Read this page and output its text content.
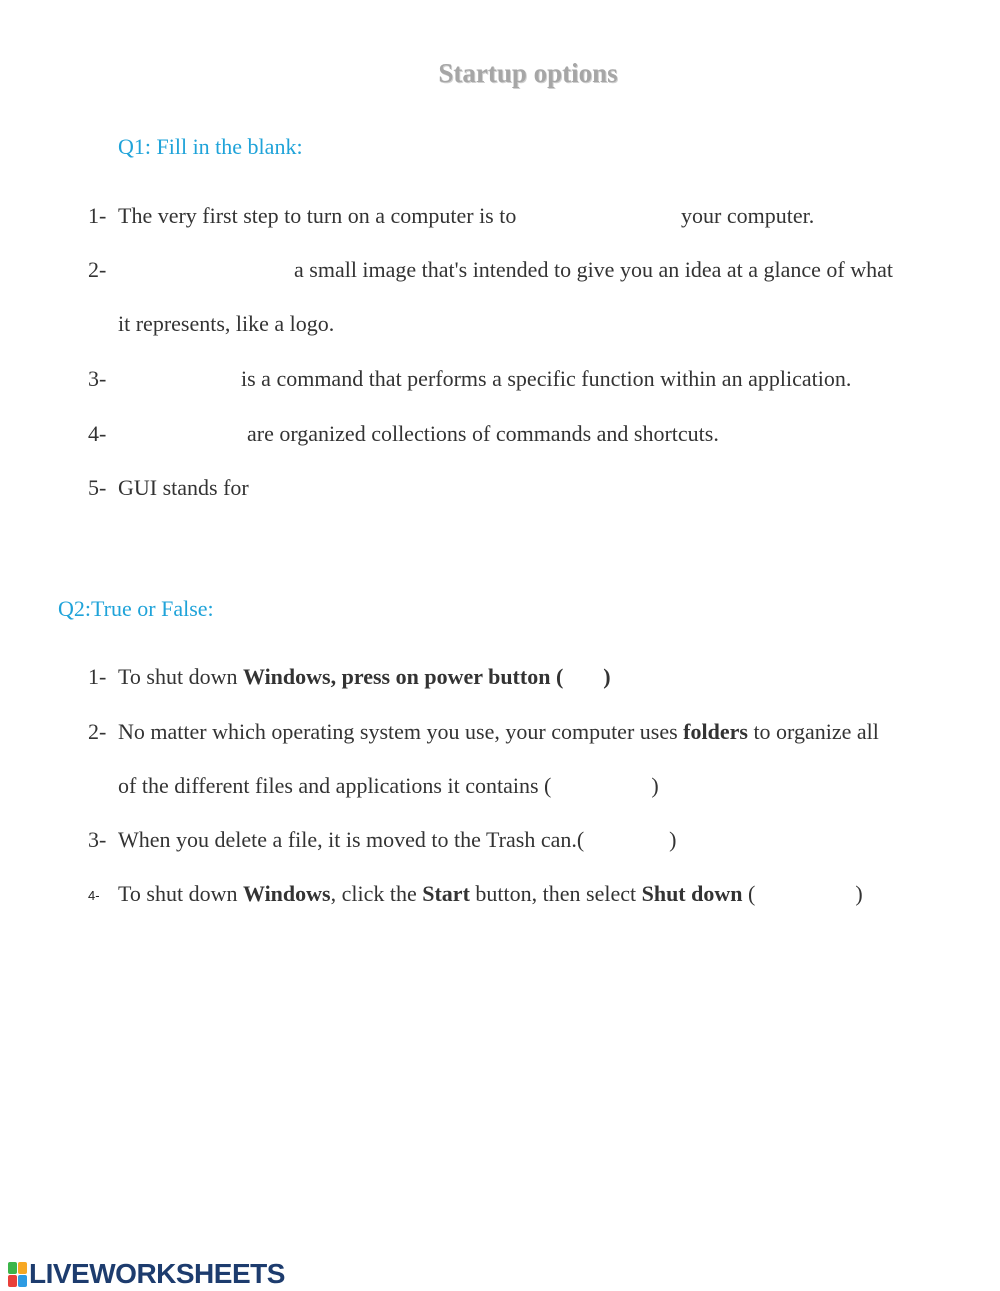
Startup options
Q1: Fill in the blank:
1- The very first step to turn on a computer is to	your computer.
2-	a small image that's intended to give you an idea at a glance of what
it represents, like a logo.
3-	is a command that performs a specific function within an application.
4-	are organized collections of commands and shortcuts.
5- GUI stands for
Q2:True or False:
1- To shut down Windows, press on power button ( )
2- No matter which operating system you use, your computer uses folders to organize all
of the different files and applications it contains (	)
3- When you delete a file, it is moved to the Trash can.(	)
4- To shut down Windows, click the Start button, then select Shut down (	)
LIVEWORKSHEETS
